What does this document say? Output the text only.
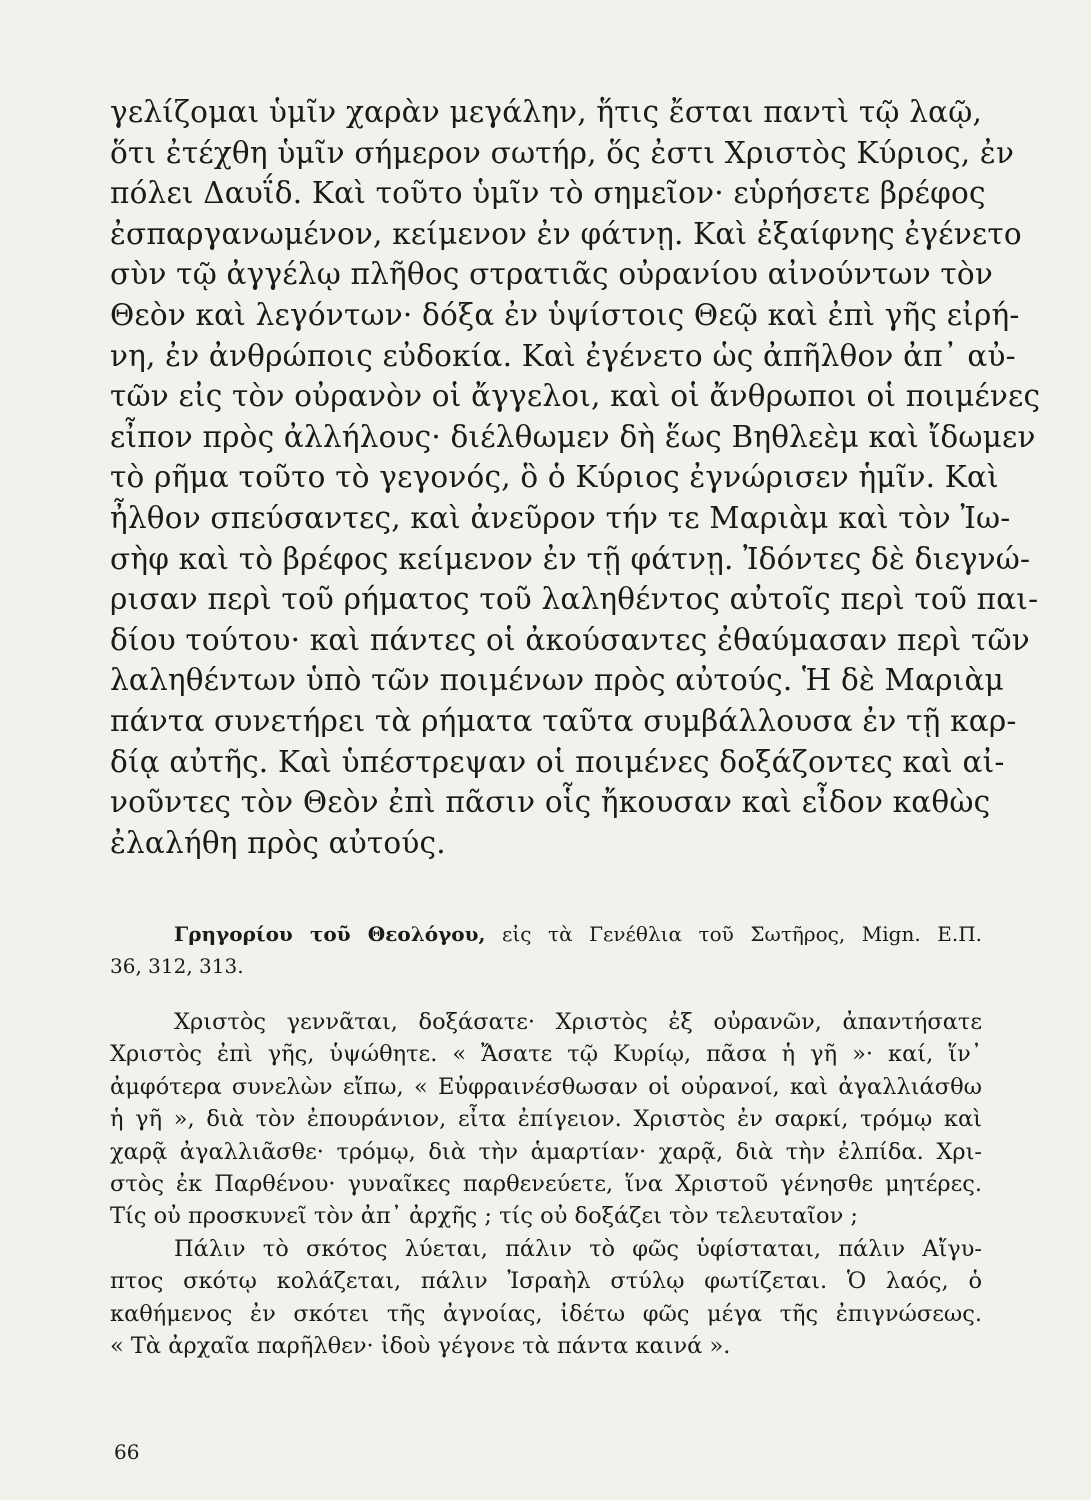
γελίζομαι ὑμῖν χαρὰν μεγάλην, ἥτις ἔσται παντὶ τῷ λαῷ,
ὅτι ἐτέχθη ὑμῖν σήμερον σωτήρ, ὅς ἐστι Χριστὸς Κύριος, ἐν
πόλει Δαυΐδ. Καὶ τοῦτο ὑμῖν τὸ σημεῖον· εὑρήσετε βρέφος
ἐσπαργανωμένον, κείμενον ἐν φάτνῃ. Καὶ ἐξαίφνης ἐγένετο
σὺν τῷ ἀγγέλῳ πλῆθος στρατιᾶς οὐρανίου αἰνούντων τὸν
Θεὸν καὶ λεγόντων· δόξα ἐν ὑψίστοις Θεῷ καὶ ἐπὶ γῆς εἰρή-
νη, ἐν ἀνθρώποις εὐδοκία. Καὶ ἐγένετο ὡς ἀπῆλθον ἀπ᾽ αὐ-
τῶν εἰς τὸν οὐρανὸν οἱ ἄγγελοι, καὶ οἱ ἄνθρωποι οἱ ποιμένες
εἶπον πρὸς ἀλλήλους· διέλθωμεν δὴ ἕως Βηθλεὲμ καὶ ἴδωμεν
τὸ ρῆμα τοῦτο τὸ γεγονός, ὃ ὁ Κύριος ἐγνώρισεν ἡμῖν. Καὶ
ἦλθον σπεύσαντες, καὶ ἀνεῦρον τήν τε Μαριὰμ καὶ τὸν Ἰω-
σὴφ καὶ τὸ βρέφος κείμενον ἐν τῇ φάτνῃ. Ἰδόντες δὲ διεγνώ-
ρισαν περὶ τοῦ ρήματος τοῦ λαληθέντος αὐτοῖς περὶ τοῦ παι-
δίου τούτου· καὶ πάντες οἱ ἀκούσαντες ἐθαύμασαν περὶ τῶν
λαληθέντων ὑπὸ τῶν ποιμένων πρὸς αὐτούς. Ἡ δὲ Μαριὰμ
πάντα συνετήρει τὰ ρήματα ταῦτα συμβάλλουσα ἐν τῇ καρ-
δίᾳ αὐτῆς. Καὶ ὑπέστρεψαν οἱ ποιμένες δοξάζοντες καὶ αἰ-
νοῦντες τὸν Θεὸν ἐπὶ πᾶσιν οἷς ἤκουσαν καὶ εἶδον καθὼς
ἐλαλήθη πρὸς αὐτούς.
Γρηγορίου τοῦ Θεολόγου, εἰς τὰ Γενέθλια τοῦ Σωτῆρος, Mign. Ε.Π.
36, 312, 313.
Χριστὸς γεννᾶται, δοξάσατε· Χριστὸς ἐξ οὐρανῶν, ἀπαντήσατε
Χριστὸς ἐπὶ γῆς, ὑψώθητε. « Ἄσατε τῷ Κυρίῳ, πᾶσα ἡ γῆ »· καί, ἵν᾽
ἀμφότερα συνελὼν εἴπω, « Εὐφραινέσθωσαν οἱ οὐρανοί, καὶ ἀγαλλιάσθω
ἡ γῆ », διὰ τὸν ἐπουράνιον, εἶτα ἐπίγειον. Χριστὸς ἐν σαρκί, τρόμῳ καὶ
χαρᾷ ἀγαλλιᾶσθε· τρόμῳ, διὰ τὴν ἁμαρτίαν· χαρᾷ, διὰ τὴν ἐλπίδα. Χρι-
στὸς ἐκ Παρθένου· γυναῖκες παρθενεύετε, ἵνα Χριστοῦ γένησθε μητέρες.
Τίς οὐ προσκυνεῖ τὸν ἀπ᾽ ἀρχῆς ; τίς οὐ δοξάζει τὸν τελευταῖον ;
Πάλιν τὸ σκότος λύεται, πάλιν τὸ φῶς ὑφίσταται, πάλιν Αἴγυ-
πτος σκότῳ κολάζεται, πάλιν Ἰσραὴλ στύλῳ φωτίζεται. Ὁ λαός, ὁ
καθήμενος ἐν σκότει τῆς ἀγνοίας, ἰδέτω φῶς μέγα τῆς ἐπιγνώσεως.
« Τὰ ἀρχαῖα παρῆλθεν· ἰδοὺ γέγονε τὰ πάντα καινά ».
66
